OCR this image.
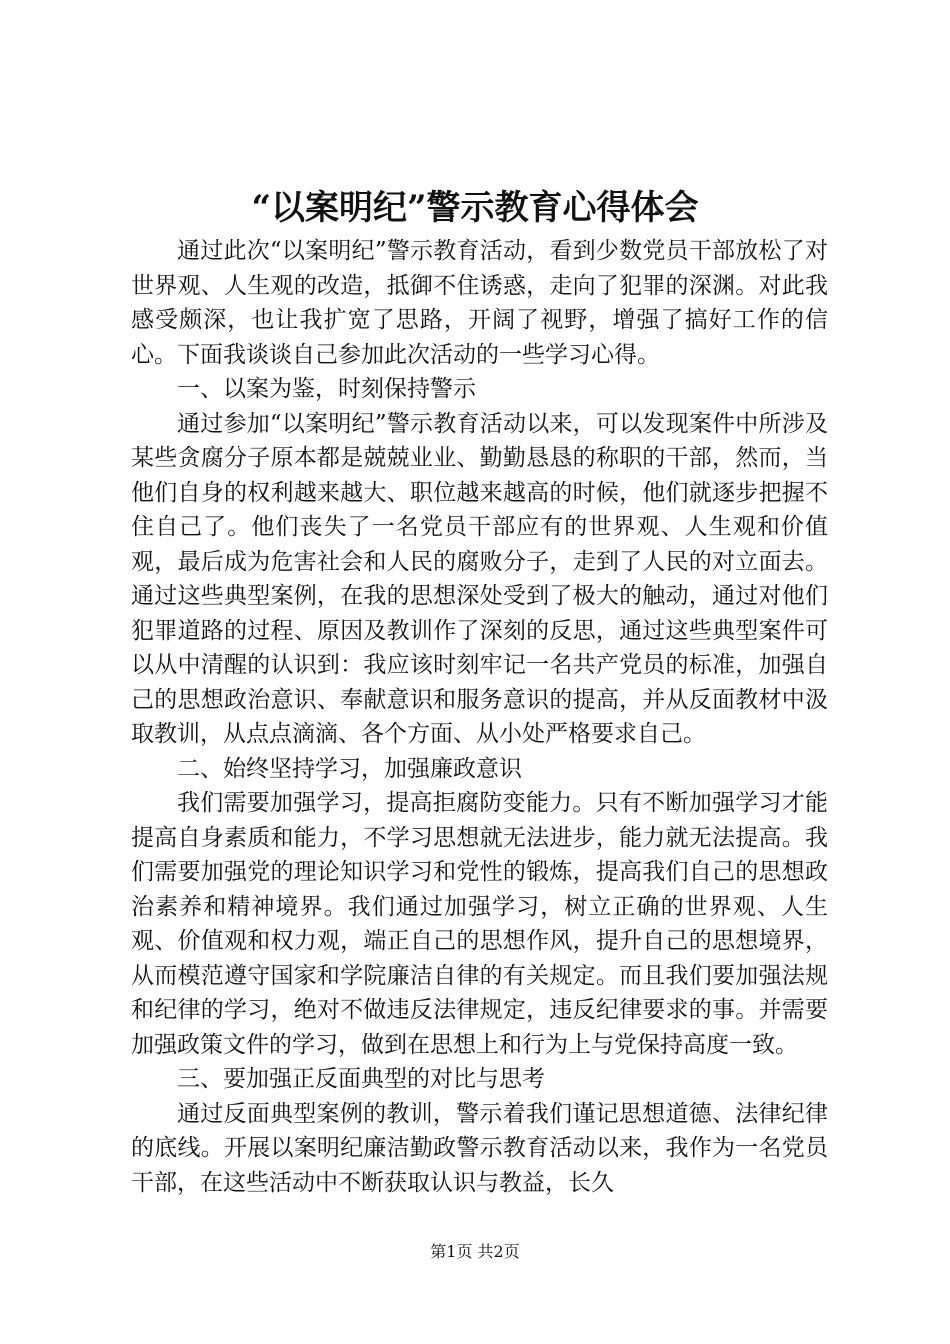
“以案明纪”警示教育心得体会

通过此次“以案明纪”警示教育活动，看到少数党员干部放松了对世界观、人生观的改造，抵御不住诱惑，走向了犯罪的深渊。对此我感受颇深，也让我扩宽了思路，开阔了视野，增强了搞好工作的信心。下面我谈谈自己参加此次活动的一些学习心得。

一、以案为鉴，时刻保持警示

通过参加“以案明纪”警示教育活动以来，可以发现案件中所涉及某些贪腐分子原本都是兢兢业业、勤勤恳恳的称职的干部，然而，当他们自身的权利越来越大、职位越来越高的时候，他们就逐步把握不住自己了。他们丧失了一名党员干部应有的世界观、人生观和价值观，最后成为危害社会和人民的腐败分子，走到了人民的对立面去。通过这些典型案例，在我的思想深处受到了极大的触动，通过对他们犯罪道路的过程、原因及教训作了深刻的反思，通过这些典型案件可以从中清醒的认识到：我应该时刻牢记一名共产党员的标准，加强自己的思想政治意识、奉献意识和服务意识的提高，并从反面教材中汲取教训，从点点滴滴、各个方面、从小处严格要求自己。

二、始终坚持学习，加强廉政意识

我们需要加强学习，提高拒腐防变能力。只有不断加强学习才能提高自身素质和能力，不学习思想就无法进步，能力就无法提高。我们需要加强党的理论知识学习和党性的锻炼，提高我们自己的思想政治素养和精神境界。我们通过加强学习，树立正确的世界观、人生观、价值观和权力观，端正自己的思想作风，提升自己的思想境界，从而模范遵守国家和学院廉洁自律的有关规定。而且我们要加强法规和纪律的学习，绝对不做违反法律规定，违反纪律要求的事。并需要加强政策文件的学习，做到在思想上和行为上与党保持高度一致。

三、要加强正反面典型的对比与思考

通过反面典型案例的教训，警示着我们谨记思想道德、法律纪律的底线。开展以案明纪廉洁勤政警示教育活动以来，我作为一名党员干部，在这些活动中不断获取认识与教益，长久

第1页 共2页
